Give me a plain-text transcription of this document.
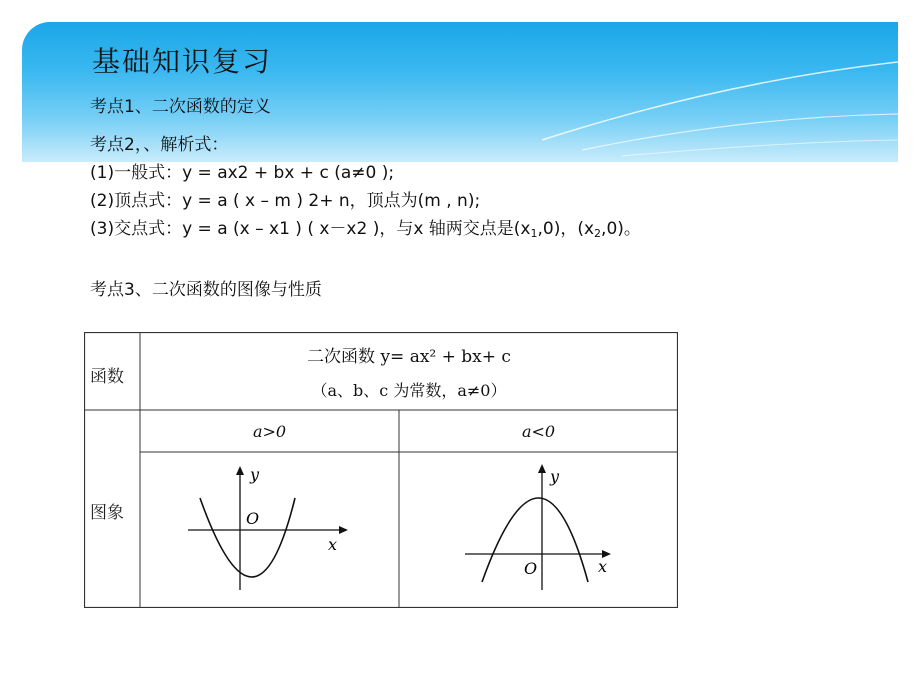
基础知识复习
考点1、二次函数的定义
考点2，、解析式：
(1)一般式：y = ax2 + bx + c (a≠0 );
(2)顶点式：y = a ( x – m ) 2+ n，顶点为(m , n);
(3)交点式：y = a (x – x1 ) ( x－x2 )，与x 轴两交点是$(x_1,0)$，$(x_2,0)$。
考点3、二次函数的图像与性质
函数
二次函数 y= ax² + bx+ c
（a、b、c 为常数，a≠0）
图象
a>0	a<0
y
x
O
y
x
O
